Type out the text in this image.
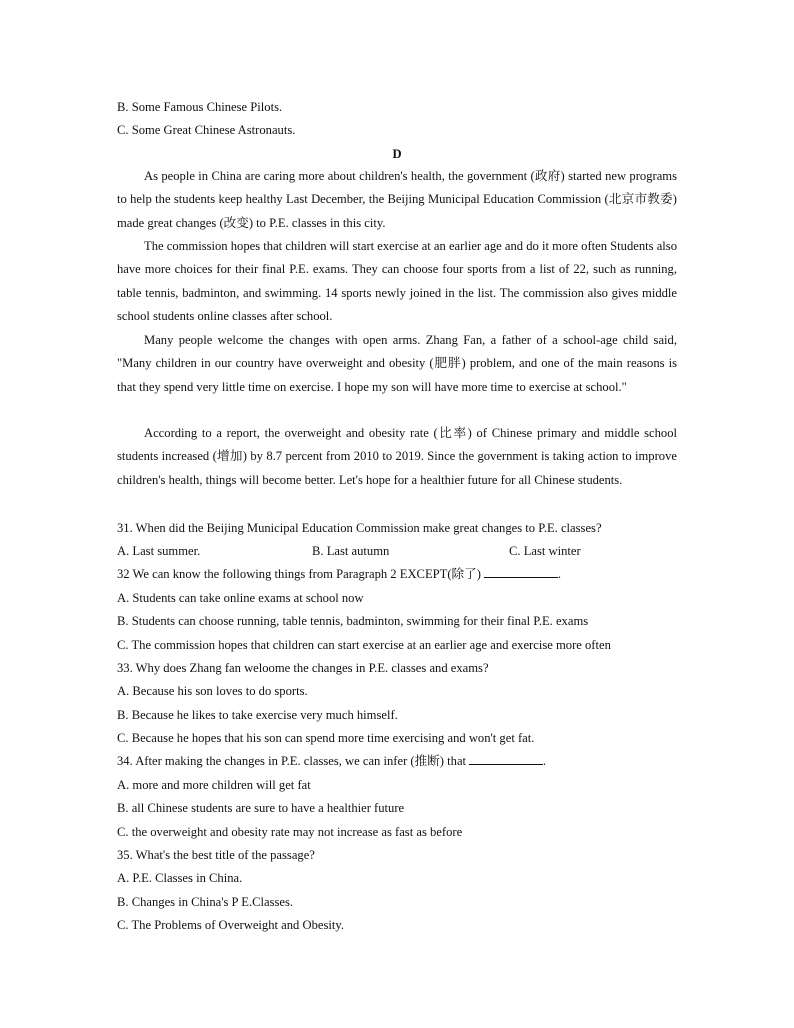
B. Some Famous Chinese Pilots.
C. Some Great Chinese Astronauts.
D
As people in China are caring more about children's health, the government (政府) started new programs to help the students keep healthy Last December, the Beijing Municipal Education Commission (北京市教委) made great changes (改变) to P.E. classes in this city.
The commission hopes that children will start exercise at an earlier age and do it more often Students also have more choices for their final P.E. exams. They can choose four sports from a list of 22, such as running, table tennis, badminton, and swimming. 14 sports newly joined in the list. The commission also gives middle school students online classes after school.
Many people welcome the changes with open arms. Zhang Fan, a father of a school-age child said, "Many children in our country have overweight and obesity (肥胖) problem, and one of the main reasons is that they spend very little time on exercise. I hope my son will have more time to exercise at school."
According to a report, the overweight and obesity rate (比率) of Chinese primary and middle school students increased (增加) by 8.7 percent from 2010 to 2019. Since the government is taking action to improve children's health, things will become better. Let's hope for a healthier future for all Chinese students.
31. When did the Beijing Municipal Education Commission make great changes to P.E. classes?
A. Last summer.	B. Last autumn	C. Last winter
32 We can know the following things from Paragraph 2 EXCEPT(除了)	.
A. Students can take online exams at school now
B. Students can choose running, table tennis, badminton, swimming for their final P.E. exams
C. The commission hopes that children can start exercise at an earlier age and exercise more often
33. Why does Zhang fan weloome the changes in P.E. classes and exams?
A. Because his son loves to do sports.
B. Because he likes to take exercise very much himself.
C. Because he hopes that his son can spend more time exercising and won't get fat.
34. After making the changes in P.E. classes, we can infer (推断) that	.
A. more and more children will get fat
B. all Chinese students are sure to have a healthier future
C. the overweight and obesity rate may not increase as fast as before
35. What's the best title of the passage?
A. P.E. Classes in China.
B. Changes in China's P E.Classes.
C. The Problems of Overweight and Obesity.
